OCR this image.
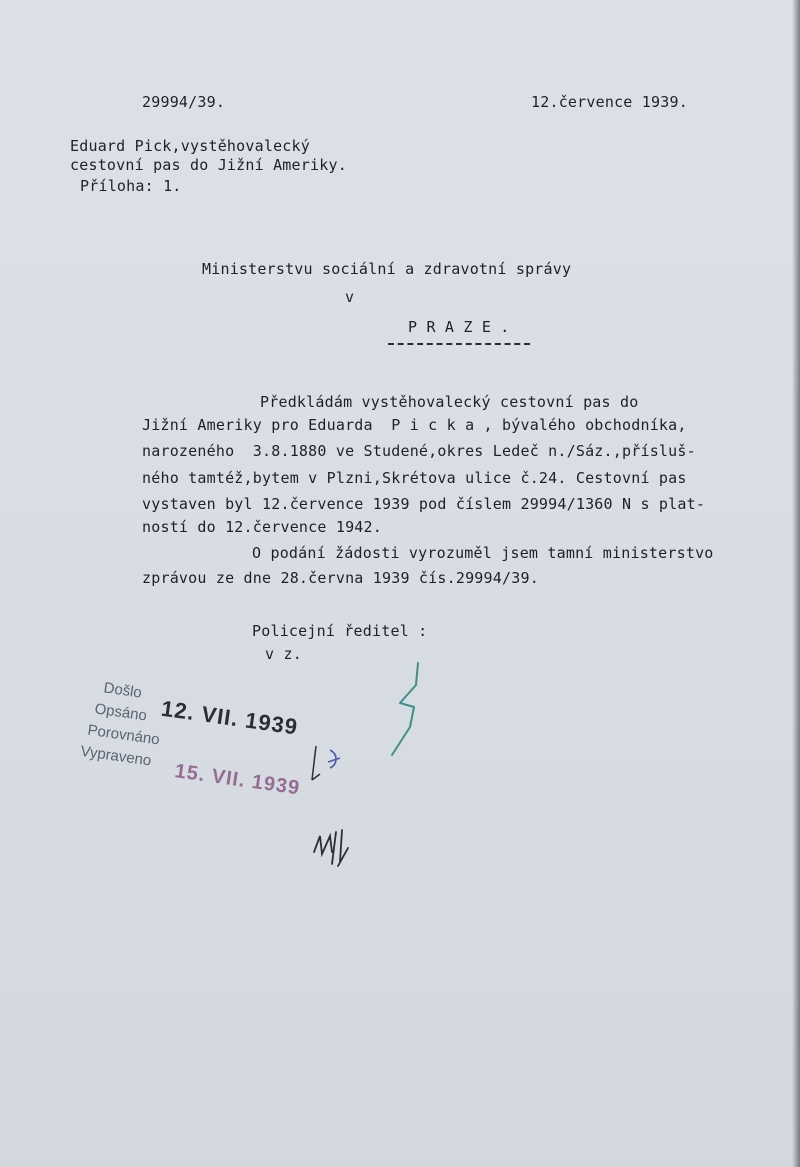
29994/39.	12.července 1939.
Eduard Pick,vystěhovalecký
cestovní pas do Jižní Ameriky.
Příloha: 1.
Ministerstvu sociální a zdravotní správy
v
P R A Z E .
Předkládám vystěhovalecký cestovní pas do
Jižní Ameriky pro Eduarda  P i c k a , bývalého obchodníka,
narozeného  3.8.1880 ve Studené,okres Ledeč n./Sáz.,přísluš-
ného tamtéž,bytem v Plzni,Skrétova ulice č.24. Cestovní pas
vystaven byl 12.července 1939 pod číslem 29994/1360 N s plat-
ností do 12.července 1942.
O podání žádosti vyrozuměl jsem tamní ministerstvo
zprávou ze dne 28.června 1939 čís.29994/39.
Policejní ředitel :
v z.
Došlo
Opsáno
Porovnáno
Vypraveno
12. VII. 1939
15. VII. 1939
